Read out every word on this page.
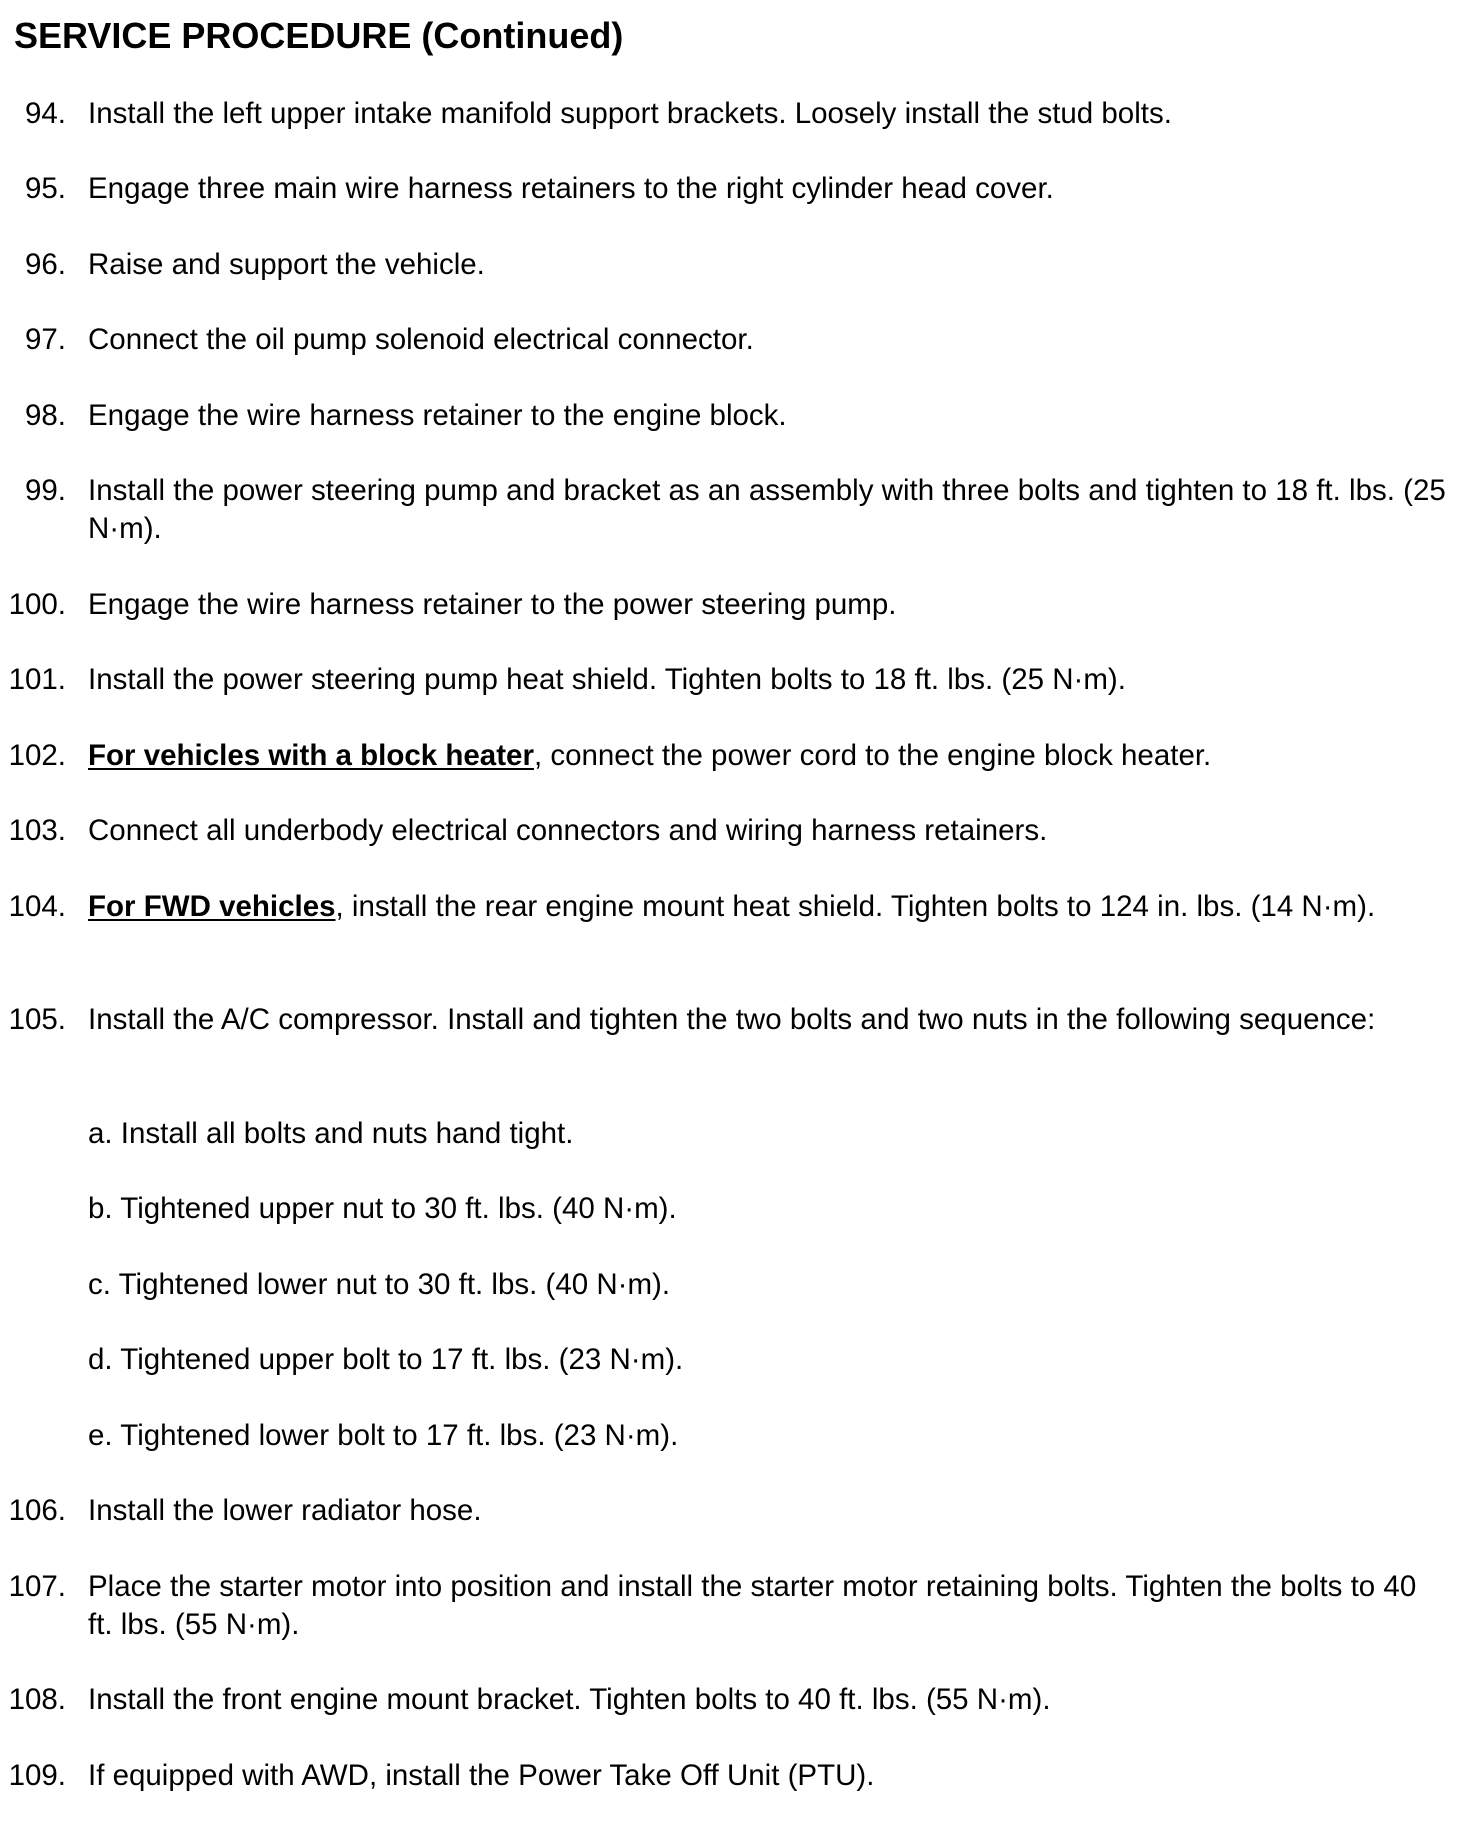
SERVICE PROCEDURE (Continued)
94. Install the left upper intake manifold support brackets. Loosely install the stud bolts.
95. Engage three main wire harness retainers to the right cylinder head cover.
96. Raise and support the vehicle.
97. Connect the oil pump solenoid electrical connector.
98. Engage the wire harness retainer to the engine block.
99. Install the power steering pump and bracket as an assembly with three bolts and tighten to 18 ft. lbs. (25 N·m).
100. Engage the wire harness retainer to the power steering pump.
101. Install the power steering pump heat shield. Tighten bolts to 18 ft. lbs. (25 N·m).
102. For vehicles with a block heater, connect the power cord to the engine block heater.
103. Connect all underbody electrical connectors and wiring harness retainers.
104. For FWD vehicles, install the rear engine mount heat shield. Tighten bolts to 124 in. lbs. (14 N·m).
105. Install the A/C compressor. Install and tighten the two bolts and two nuts in the following sequence:
a. Install all bolts and nuts hand tight.
b. Tightened upper nut to 30 ft. lbs. (40 N·m).
c. Tightened lower nut to 30 ft. lbs. (40 N·m).
d. Tightened upper bolt to 17 ft. lbs. (23 N·m).
e. Tightened lower bolt to 17 ft. lbs. (23 N·m).
106. Install the lower radiator hose.
107. Place the starter motor into position and install the starter motor retaining bolts. Tighten the bolts to 40 ft. lbs. (55 N·m).
108. Install the front engine mount bracket. Tighten bolts to 40 ft. lbs. (55 N·m).
109. If equipped with AWD, install the Power Take Off Unit (PTU).
